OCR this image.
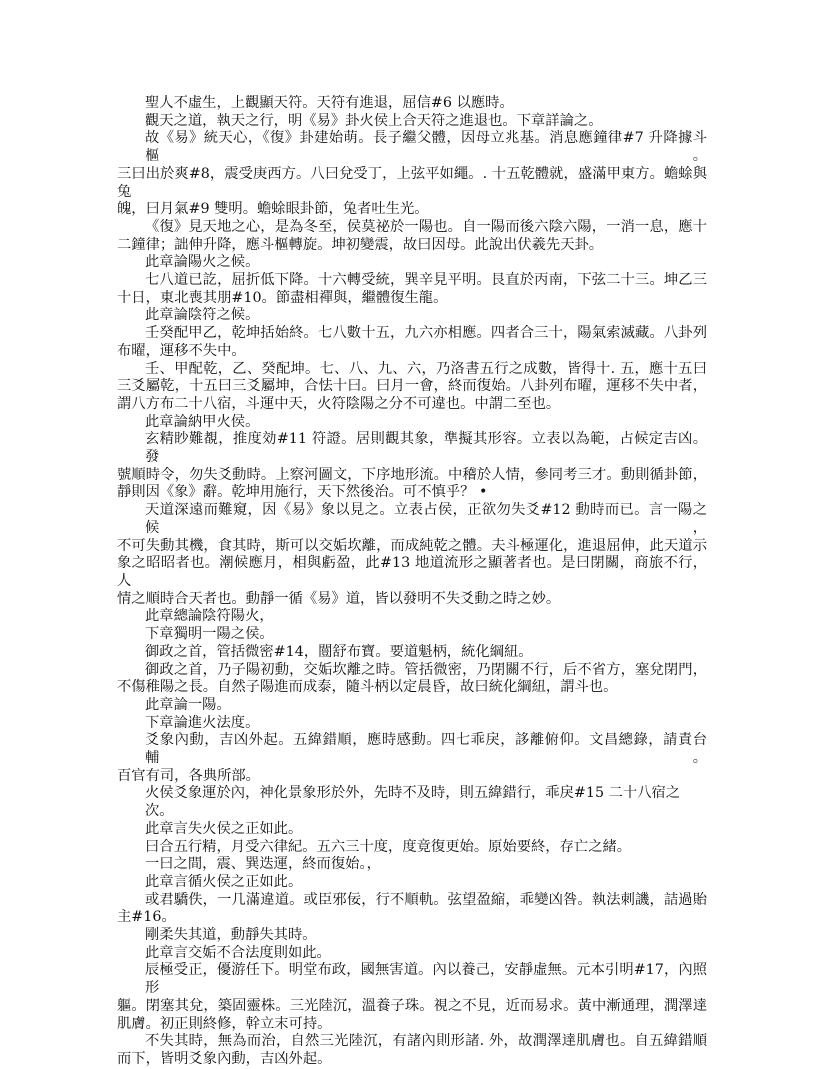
聖人不虛生，上觀顯天符。天符有進退，屈信#6 以應時。
觀天之道，執天之行，明《易》卦火侯上合天符之進退也。下章詳論之。
故《易》統天心，《復》卦建始萌。長子繼父體，因母立兆基。消息應鐘律#7 升降據斗樞。
三曰出於爽#8，震受庚西方。八曰兌受丁，上弦平如繩。. 十五乾體就，盛滿甲東方。蟾蜍與兔
魄，曰月氣#9 雙明。蟾蜍眼卦節，兔者吐生光。
《復》見天地之心，是為冬至，侯莫祕於一陽也。自一陽而後六陰六陽，一消一息，應十
二鐘律；詘伸升降，應斗樞轉旋。坤初變震，故曰因母。此說出伏羲先天卦。
此章論陽火之候。
七八道已訖，屈折低下降。十六轉受統，巽辛見平明。艮直於丙南，下弦二十三。坤乙三
十日，東北喪其朋#10。節盡相禪與，繼體復生龍。
此章論陰符之候。
壬癸配甲乙，乾坤括始終。七八數十五，九六亦相應。四者合三十，陽氣索滅藏。八卦列
布曜，運移不失中。
壬、甲配乾，乙、癸配坤。七、八、九、六，乃洛書五行之成數，皆得十. 五，應十五曰
三爻屬乾，十五曰三爻屬坤，合怯十曰。曰月一會，終而復始。八卦列布曜，運移不失中者，
謂八方布二十八宿，斗運中天，火符陰陽之分不可違也。中謂二至也。
此章論納甲火侯。
玄精眇難覩，推度効#11 符證。居則觀其象，準擬其形容。立表以為範，占候定吉凶。發
號順時令，勿失爻動時。上察河圖文，下序地形流。中稽於人情，參同考三才。動則循卦節，
靜則因《象》辭。乾坤用施行，天下然後治。可不慎乎？ •
天道深遠而難窺，因《易》象以見之。立表占侯，正欲勿失爻#12 動時而已。言一陽之候，
不可失動其機，食其時，斯可以交姤坎離，而成純乾之體。夫斗極運化，進退屈伸，此天道示
象之昭昭者也。潮候應月，相與虧盈，此#13 地道流形之顯著者也。是曰閉關，商旅不行，人
情之順時合天者也。動靜一循《易》道，皆以發明不失爻動之時之妙。
此章總論陰符陽火，
下章獨明一陽之侯。
御政之首，管括微密#14，闓舒布寶。要道魁柄，統化綱紐。
御政之首，乃子陽初動，交姤坎離之時。管括微密，乃閉關不行，后不省方，塞兌閉門，
不傷稚陽之長。自然子陽進而成泰，隨斗柄以定晨昏，故曰統化綱紐，謂斗也。
此章論一陽。
下章論進火法度。
爻象內動，吉凶外起。五緯錯順，應時感動。四七乖戾，誃離俯仰。文昌總錄，請責台輔。
百官有司，各典所部。
火侯爻象運於內，神化景象形於外，先時不及時，則五緯錯行，乖戾#15 二十八宿之次。
此章言失火侯之正如此。
曰合五行精，月受六律紀。五六三十度，度竟復更始。原始要終，存亡之緒。
一曰之間，震、巽迭運，終而復始。，
此章言循火侯之正如此。
或君驕佚，一几滿違道。或臣邪佞，行不順軌。弦望盈縮，乖變凶咎。執法刺譏，詰過貽
主#16。
剛柔失其道，動靜失其時。
此章言交姤不合法度則如此。
辰極受正，優游任下。明堂布政，國無害道。內以養己，安靜虛無。元本引明#17，內照形
軀。閉塞其兌，築固靈株。三光陸沉，溫養子珠。視之不見，近而易求。黃中漸通理，潤澤達
肌膚。初正則終修，幹立末可持。
不失其時，無為而治，自然三光陸沉，有諸內則形諸. 外，故潤澤達肌膚也。自五緯錯順
而下，皆明爻象內動，吉凶外起。
